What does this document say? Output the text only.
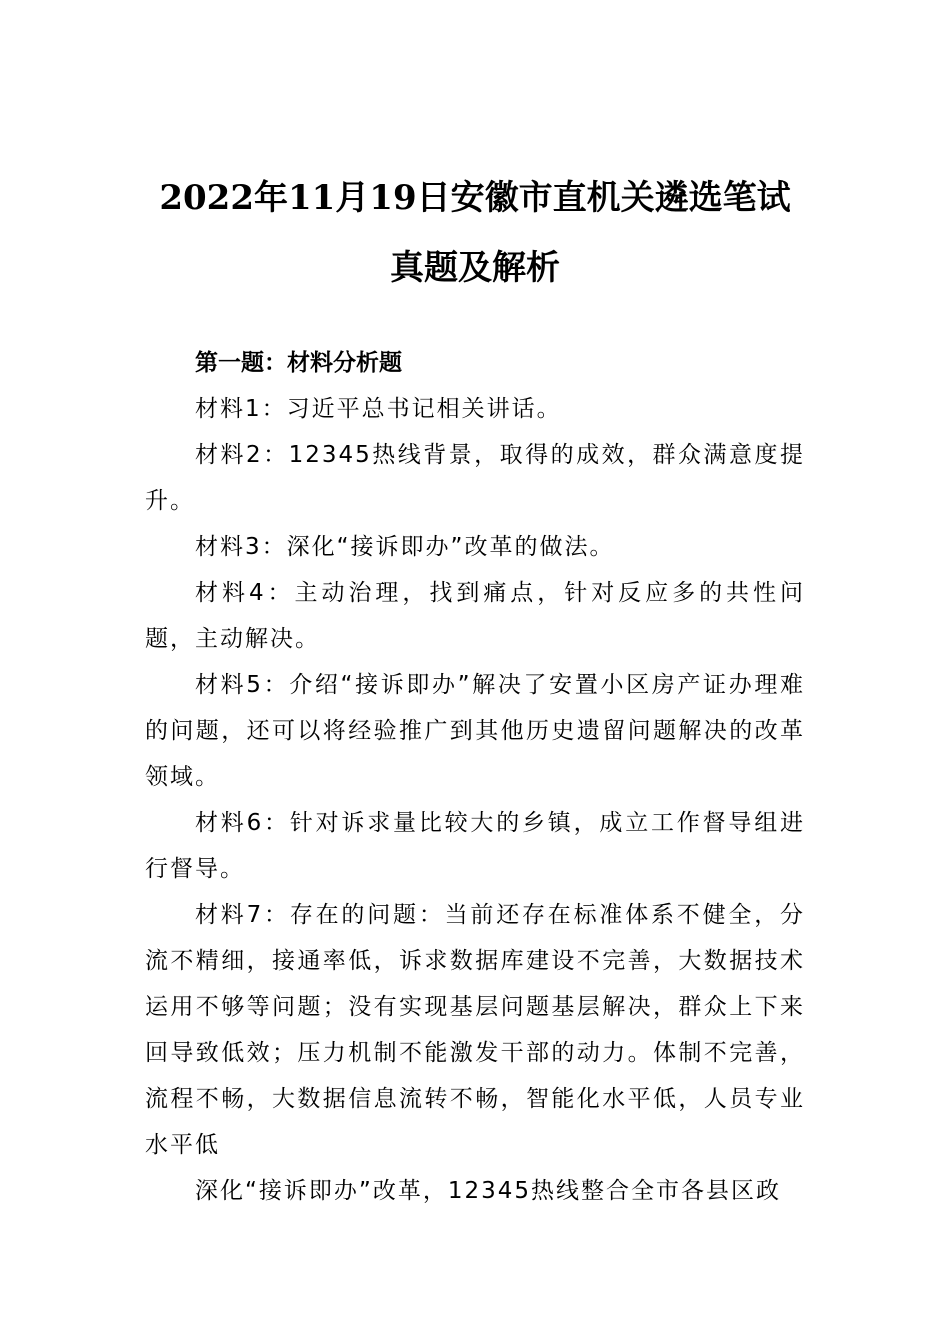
2022年11月19日安徽市直机关遴选笔试
真题及解析

第一题：材料分析题

材料1：习近平总书记相关讲话。

材料2：12345热线背景，取得的成效，群众满意度提升。

材料3：深化“接诉即办”改革的做法。

材料4：主动治理，找到痛点，针对反应多的共性问题，主动解决。

材料5：介绍“接诉即办”解决了安置小区房产证办理难的问题，还可以将经验推广到其他历史遗留问题解决的改革领域。

材料6：针对诉求量比较大的乡镇，成立工作督导组进行督导。

材料7：存在的问题：当前还存在标准体系不健全，分流不精细，接通率低，诉求数据库建设不完善，大数据技术运用不够等问题；没有实现基层问题基层解决，群众上下来回导致低效；压力机制不能激发干部的动力。体制不完善，流程不畅，大数据信息流转不畅，智能化水平低，人员专业水平低

深化“接诉即办”改革，12345热线整合全市各县区政
